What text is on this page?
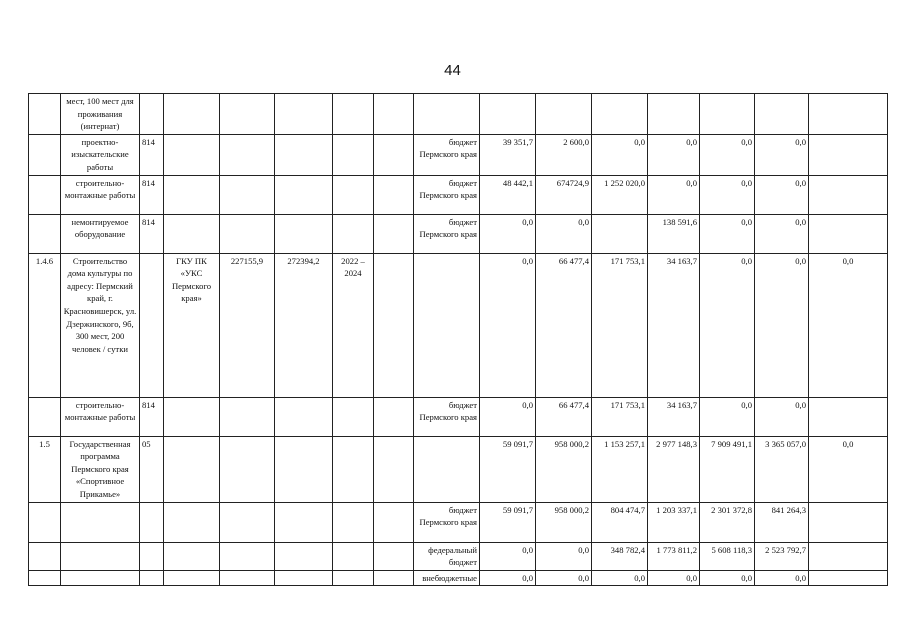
44
	мест, 100 мест для проживания (интернат)														
	проектно-изыскательские работы	814						бюджет Пермского края	39 351,7	2 600,0	0,0	0,0	0,0	0,0	
	строительно-монтажные работы	814						бюджет Пермского края	48 442,1	674724,9	1 252 020,0	0,0	0,0	0,0	
	немонтируемое оборудование	814						бюджет Пермского края	0,0	0,0		138 591,6	0,0	0,0	
1.4.6	Строительство дома культуры по адресу: Пермский край, г. Красновишерск, ул. Дзержинского, 9б, 300 мест, 200 человек / сутки		ГКУ ПК «УКС Пермского края»	227155,9	272394,2	2022 – 2024			0,0	66 477,4	171 753,1	34 163,7	0,0	0,0	0,0
	строительно-монтажные работы	814						бюджет Пермского края	0,0	66 477,4	171 753,1	34 163,7	0,0	0,0	
1.5	Государственная программа Пермского края «Спортивное Прикамье»	05							59 091,7	958 000,2	1 153 257,1	2 977 148,3	7 909 491,1	3 365 057,0	0,0
								бюджет Пермского края	59 091,7	958 000,2	804 474,7	1 203 337,1	2 301 372,8	841 264,3	
								федеральный бюджет	0,0	0,0	348 782,4	1 773 811,2	5 608 118,3	2 523 792,7	
								внебюджетные	0,0	0,0	0,0	0,0	0,0	0,0	
